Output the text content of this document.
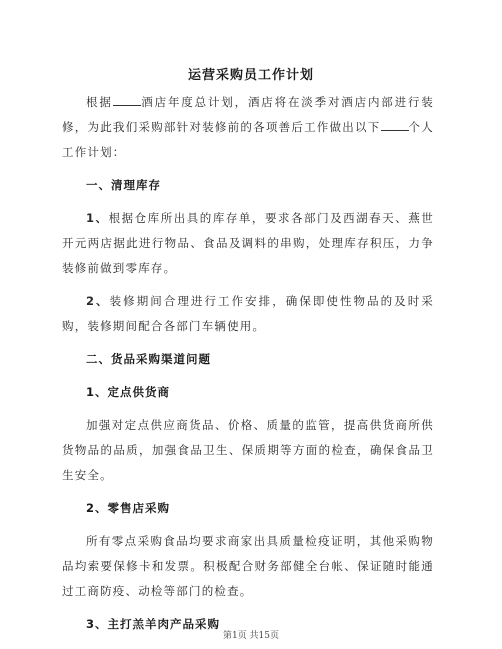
运营采购员工作计划

根据 酒店年度总计划，酒店将在淡季对酒店内部进行装修，为此我们采购部针对装修前的各项善后工作做出以下 个人工作计划：

一、清理库存

1、根据仓库所出具的库存单，要求各部门及西湖春天、燕世开元两店据此进行物品、食品及调料的串购，处理库存积压，力争装修前做到零库存。

2、装修期间合理进行工作安排，确保即使性物品的及时采购，装修期间配合各部门车辆使用。

二、货品采购渠道问题
1、定点供货商

加强对定点供应商货品、价格、质量的监管，提高供货商所供货物品的品质，加强食品卫生、保质期等方面的检查，确保食品卫生安全。

2、零售店采购

所有零点采购食品均要求商家出具质量检疫证明，其他采购物品均索要保修卡和发票。积极配合财务部健全台帐、保证随时能通过工商防疫、动检等部门的检查。

3、主打羔羊肉产品采购
第1页 共15页
